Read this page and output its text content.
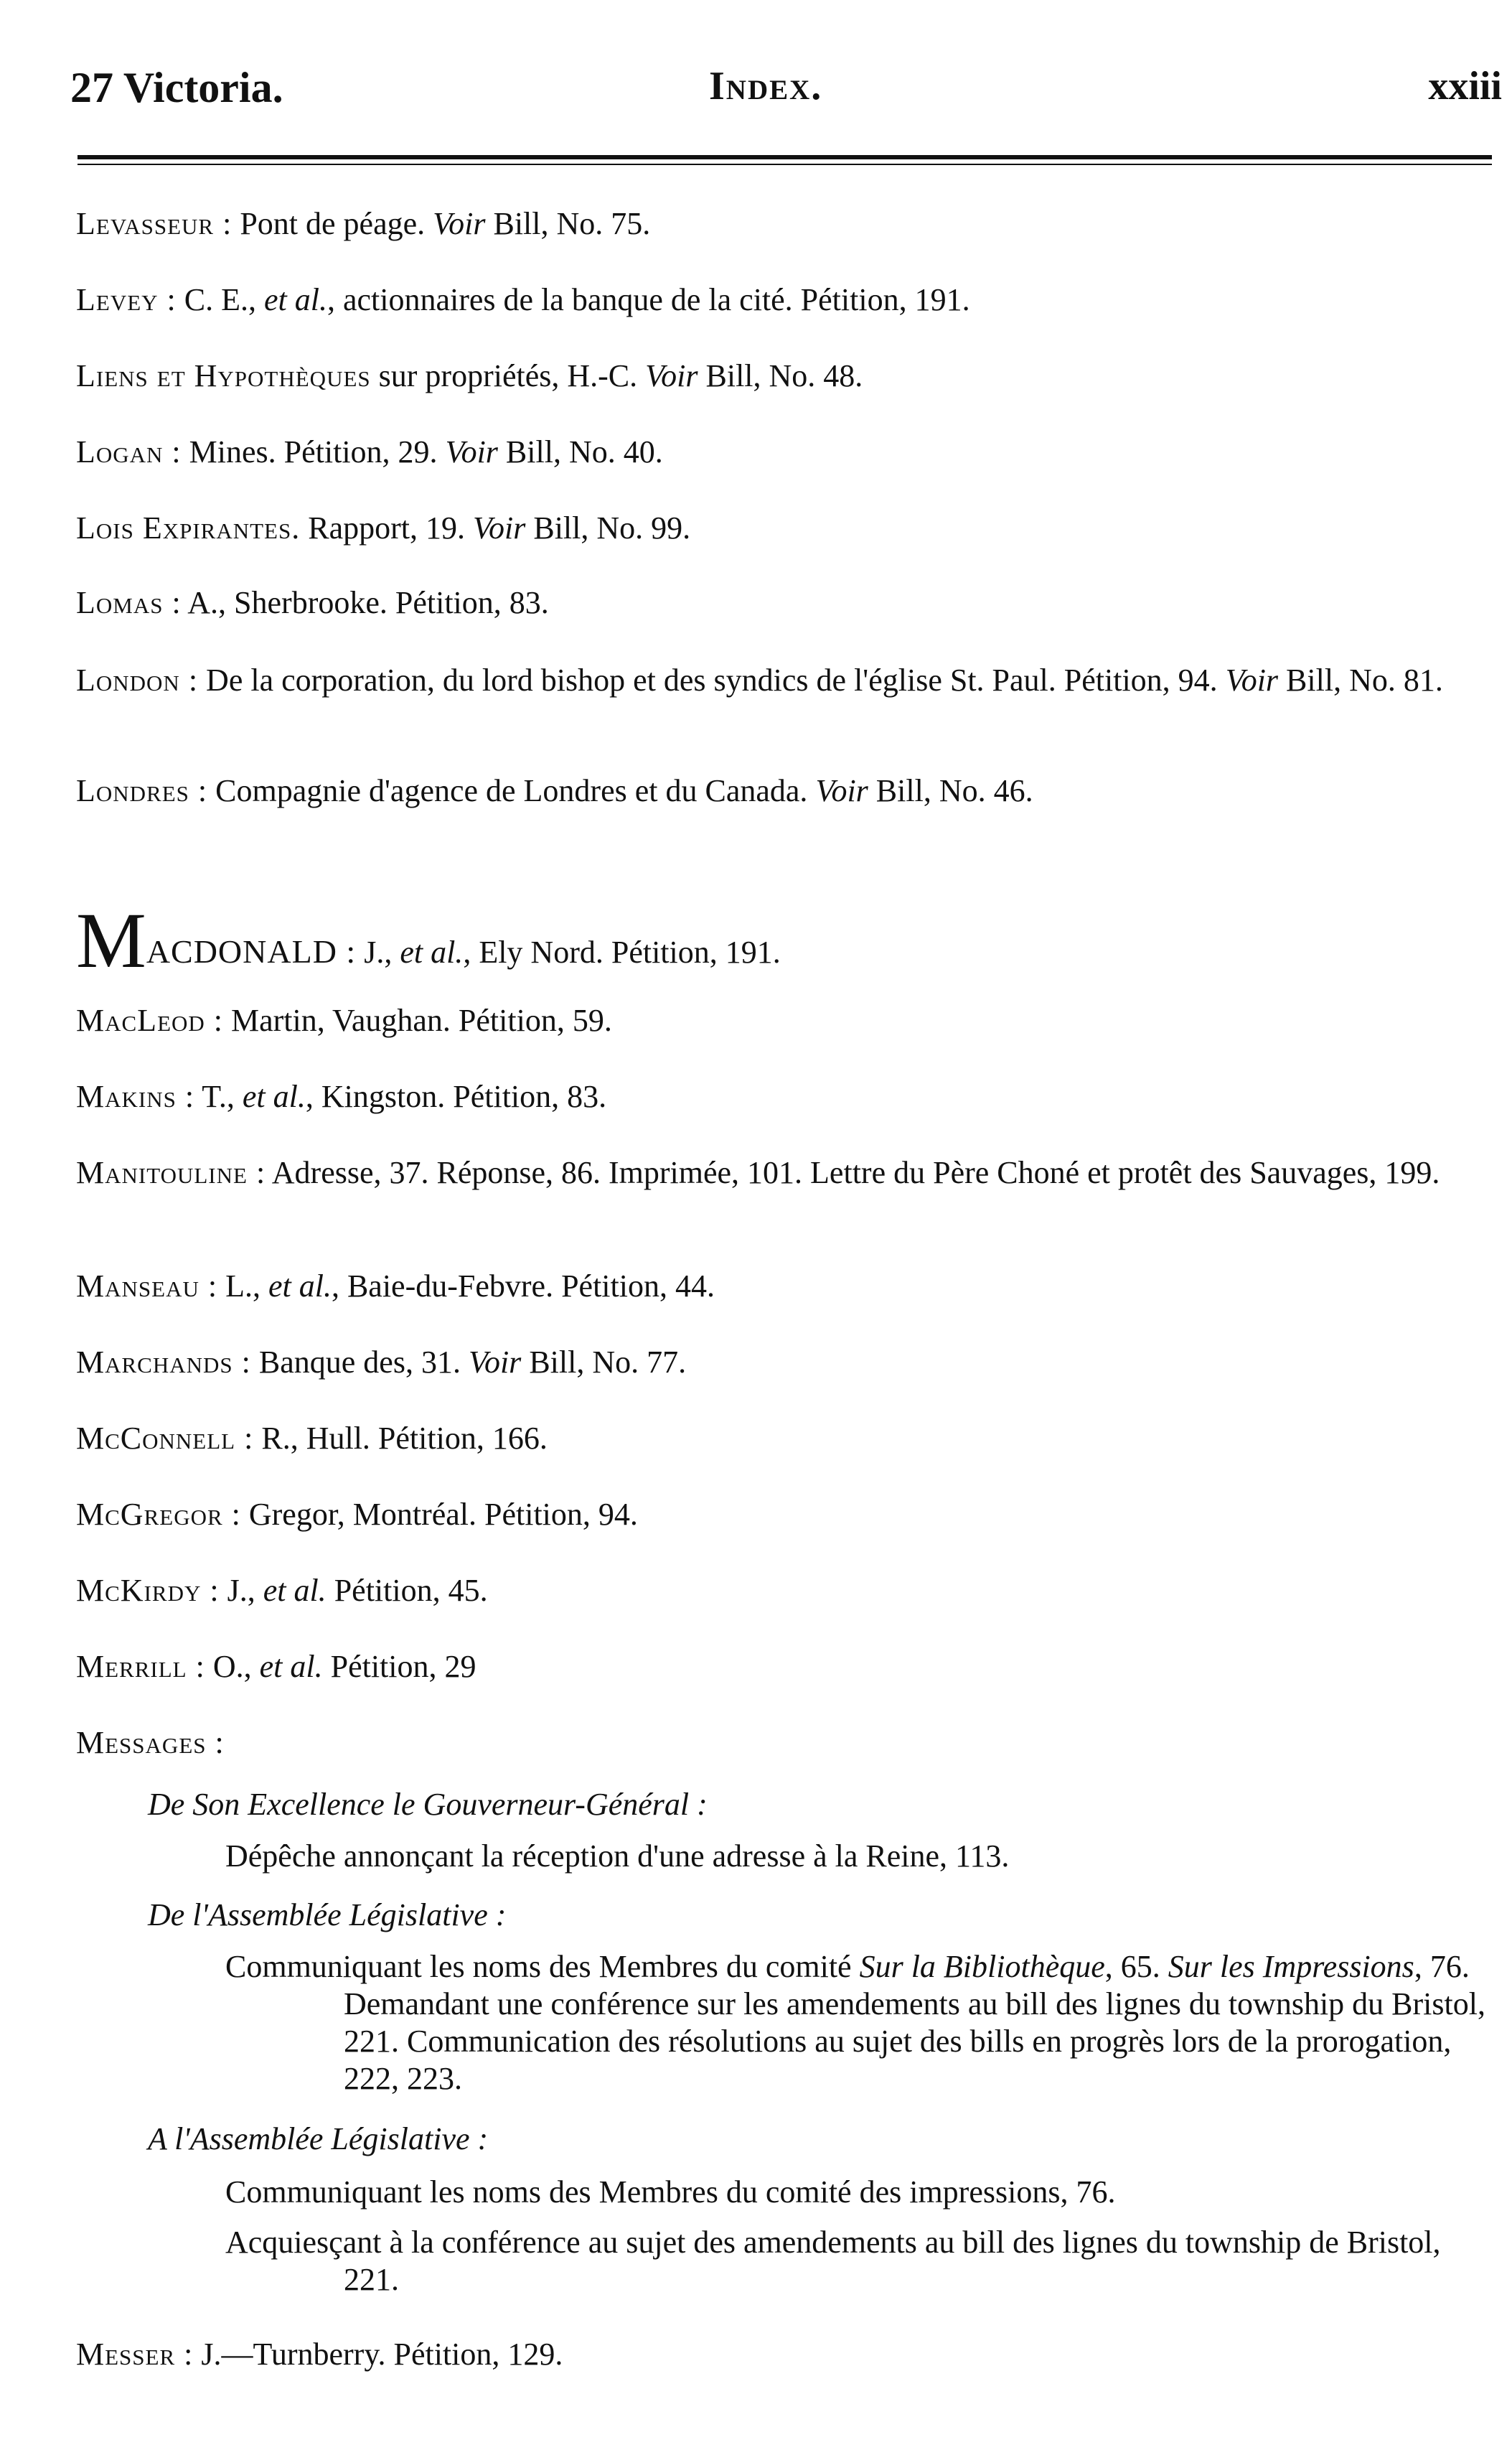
27 Victoria.	Index.	xxiii
Levasseur : Pont de péage. Voir Bill, No. 75.
Levey : C. E., et al., actionnaires de la banque de la cité. Pétition, 191.
Liens et Hypothèques sur propriétés, H.-C. Voir Bill, No. 48.
Logan : Mines. Pétition, 29. Voir Bill, No. 40.
Lois Expirantes. Rapport, 19. Voir Bill, No. 99.
Lomas : A., Sherbrooke. Pétition, 83.
London : De la corporation, du lord bishop et des syndics de l'église St. Paul. Pétition, 94. Voir Bill, No. 81.
Londres : Compagnie d'agence de Londres et du Canada. Voir Bill, No. 46.
MACDONALD : J., et al., Ely Nord. Pétition, 191.
MacLeod : Martin, Vaughan. Pétition, 59.
Makins : T., et al., Kingston. Pétition, 83.
Manitouline : Adresse, 37. Réponse, 86. Imprimée, 101. Lettre du Père Choné et protêt des Sauvages, 199.
Manseau : L., et al., Baie-du-Febvre. Pétition, 44.
Marchands : Banque des, 31. Voir Bill, No. 77.
McConnell : R., Hull. Pétition, 166.
McGregor : Gregor, Montréal. Pétition, 94.
McKirdy : J., et al. Pétition, 45.
Merrill : O., et al. Pétition, 29
Messages :
De Son Excellence le Gouverneur-Général :
Dépêche annonçant la réception d'une adresse à la Reine, 113.
De l'Assemblée Législative :
Communiquant les noms des Membres du comité Sur la Bibliothèque, 65. Sur les Impressions, 76. Demandant une conférence sur les amendements au bill des lignes du township du Bristol, 221. Communication des résolutions au sujet des bills en progrès lors de la prorogation, 222, 223.
A l'Assemblée Législative :
Communiquant les noms des Membres du comité des impressions, 76.
Acquiesçant à la conférence au sujet des amendements au bill des lignes du township de Bristol, 221.
Messer : J.—Turnberry. Pétition, 129.
